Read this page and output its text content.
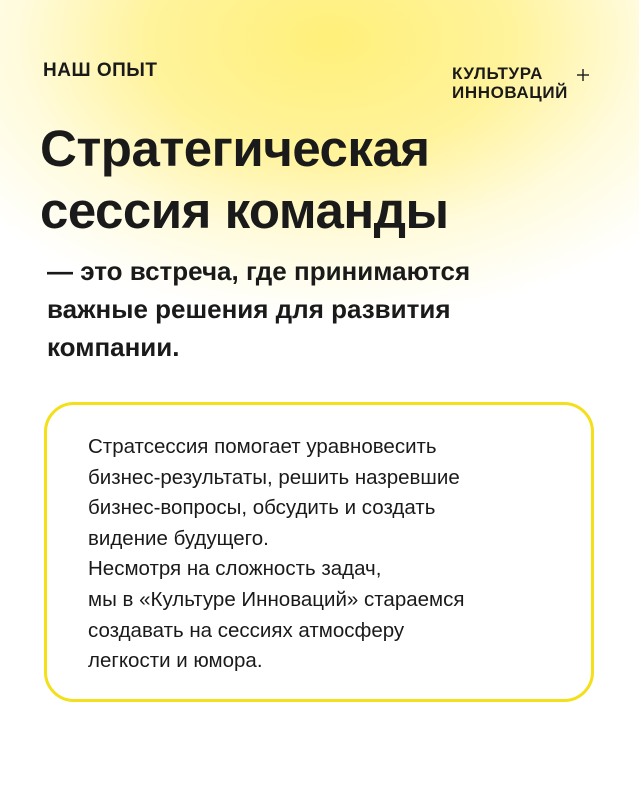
НАШ ОПЫТ	КУЛЬТУРА
ИННОВАЦИЙ
Стратегическая
сессия команды

— это встреча, где принимаются
важные решения для развития
компании.

Стратсессия помогает уравновесить
бизнес-результаты, решить назревшие
бизнес-вопросы, обсудить и создать
видение будущего.
Несмотря на сложность задач,
мы в «Культуре Инноваций» стараемся
создавать на сессиях атмосферу
легкости и юмора.
